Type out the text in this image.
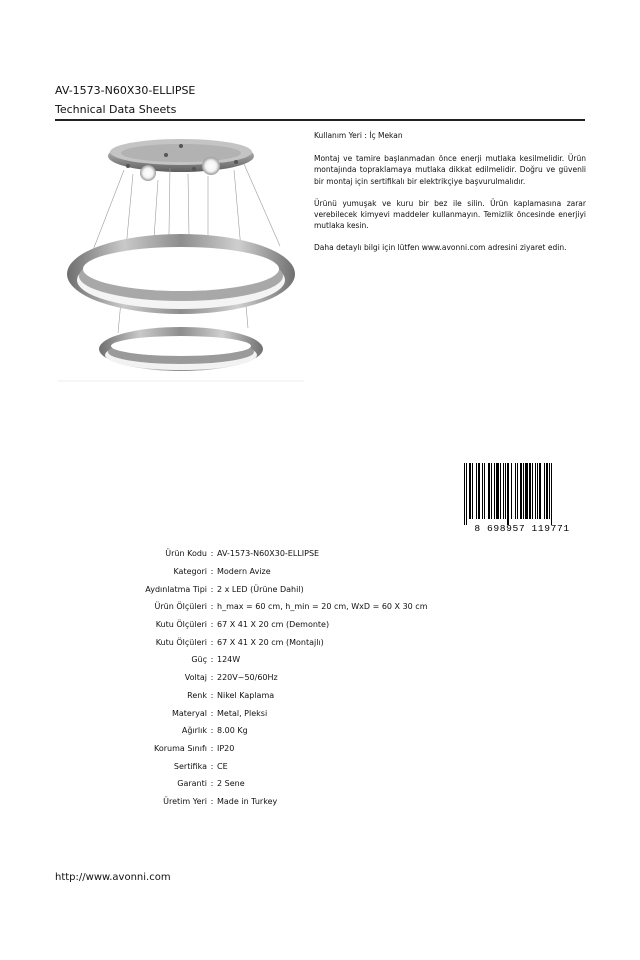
AV-1573-N60X30-ELLIPSE
Technical Data Sheets

Kullanım Yeri : İç Mekan

Montaj ve tamire başlanmadan önce enerji mutlaka kesilmelidir. Ürün montajında topraklamaya mutlaka dikkat edilmelidir. Doğru ve güvenli bir montaj için sertifikalı bir elektrikçiye başvurulmalıdır.

Ürünü yumuşak ve kuru bir bez ile silin. Ürün kaplamasına zarar verebilecek kimyevi maddeler kullanmayın. Temizlik öncesinde enerjiyi mutlaka kesin.

Daha detaylı bilgi için lütfen www.avonni.com adresini ziyaret edin.

8 698957 119771
Ürün Kodu : AV-1573-N60X30-ELLIPSE
Kategori : Modern Avize
Aydınlatma Tipi : 2 x LED (Ürüne Dahil)
Ürün Ölçüleri : h_max = 60 cm, h_min = 20 cm, WxD = 60 X 30 cm
Kutu Ölçüleri : 67 X 41 X 20 cm (Demonte)
Kutu Ölçüleri : 67 X 41 X 20 cm (Montajlı)
Güç : 124W
Voltaj : 220V~50/60Hz
Renk : Nikel Kaplama
Materyal : Metal, Pleksi
Ağırlık : 8.00 Kg
Koruma Sınıfı : IP20
Sertifika : CE
Garanti : 2 Sene
Üretim Yeri : Made in Turkey
http://www.avonni.com
